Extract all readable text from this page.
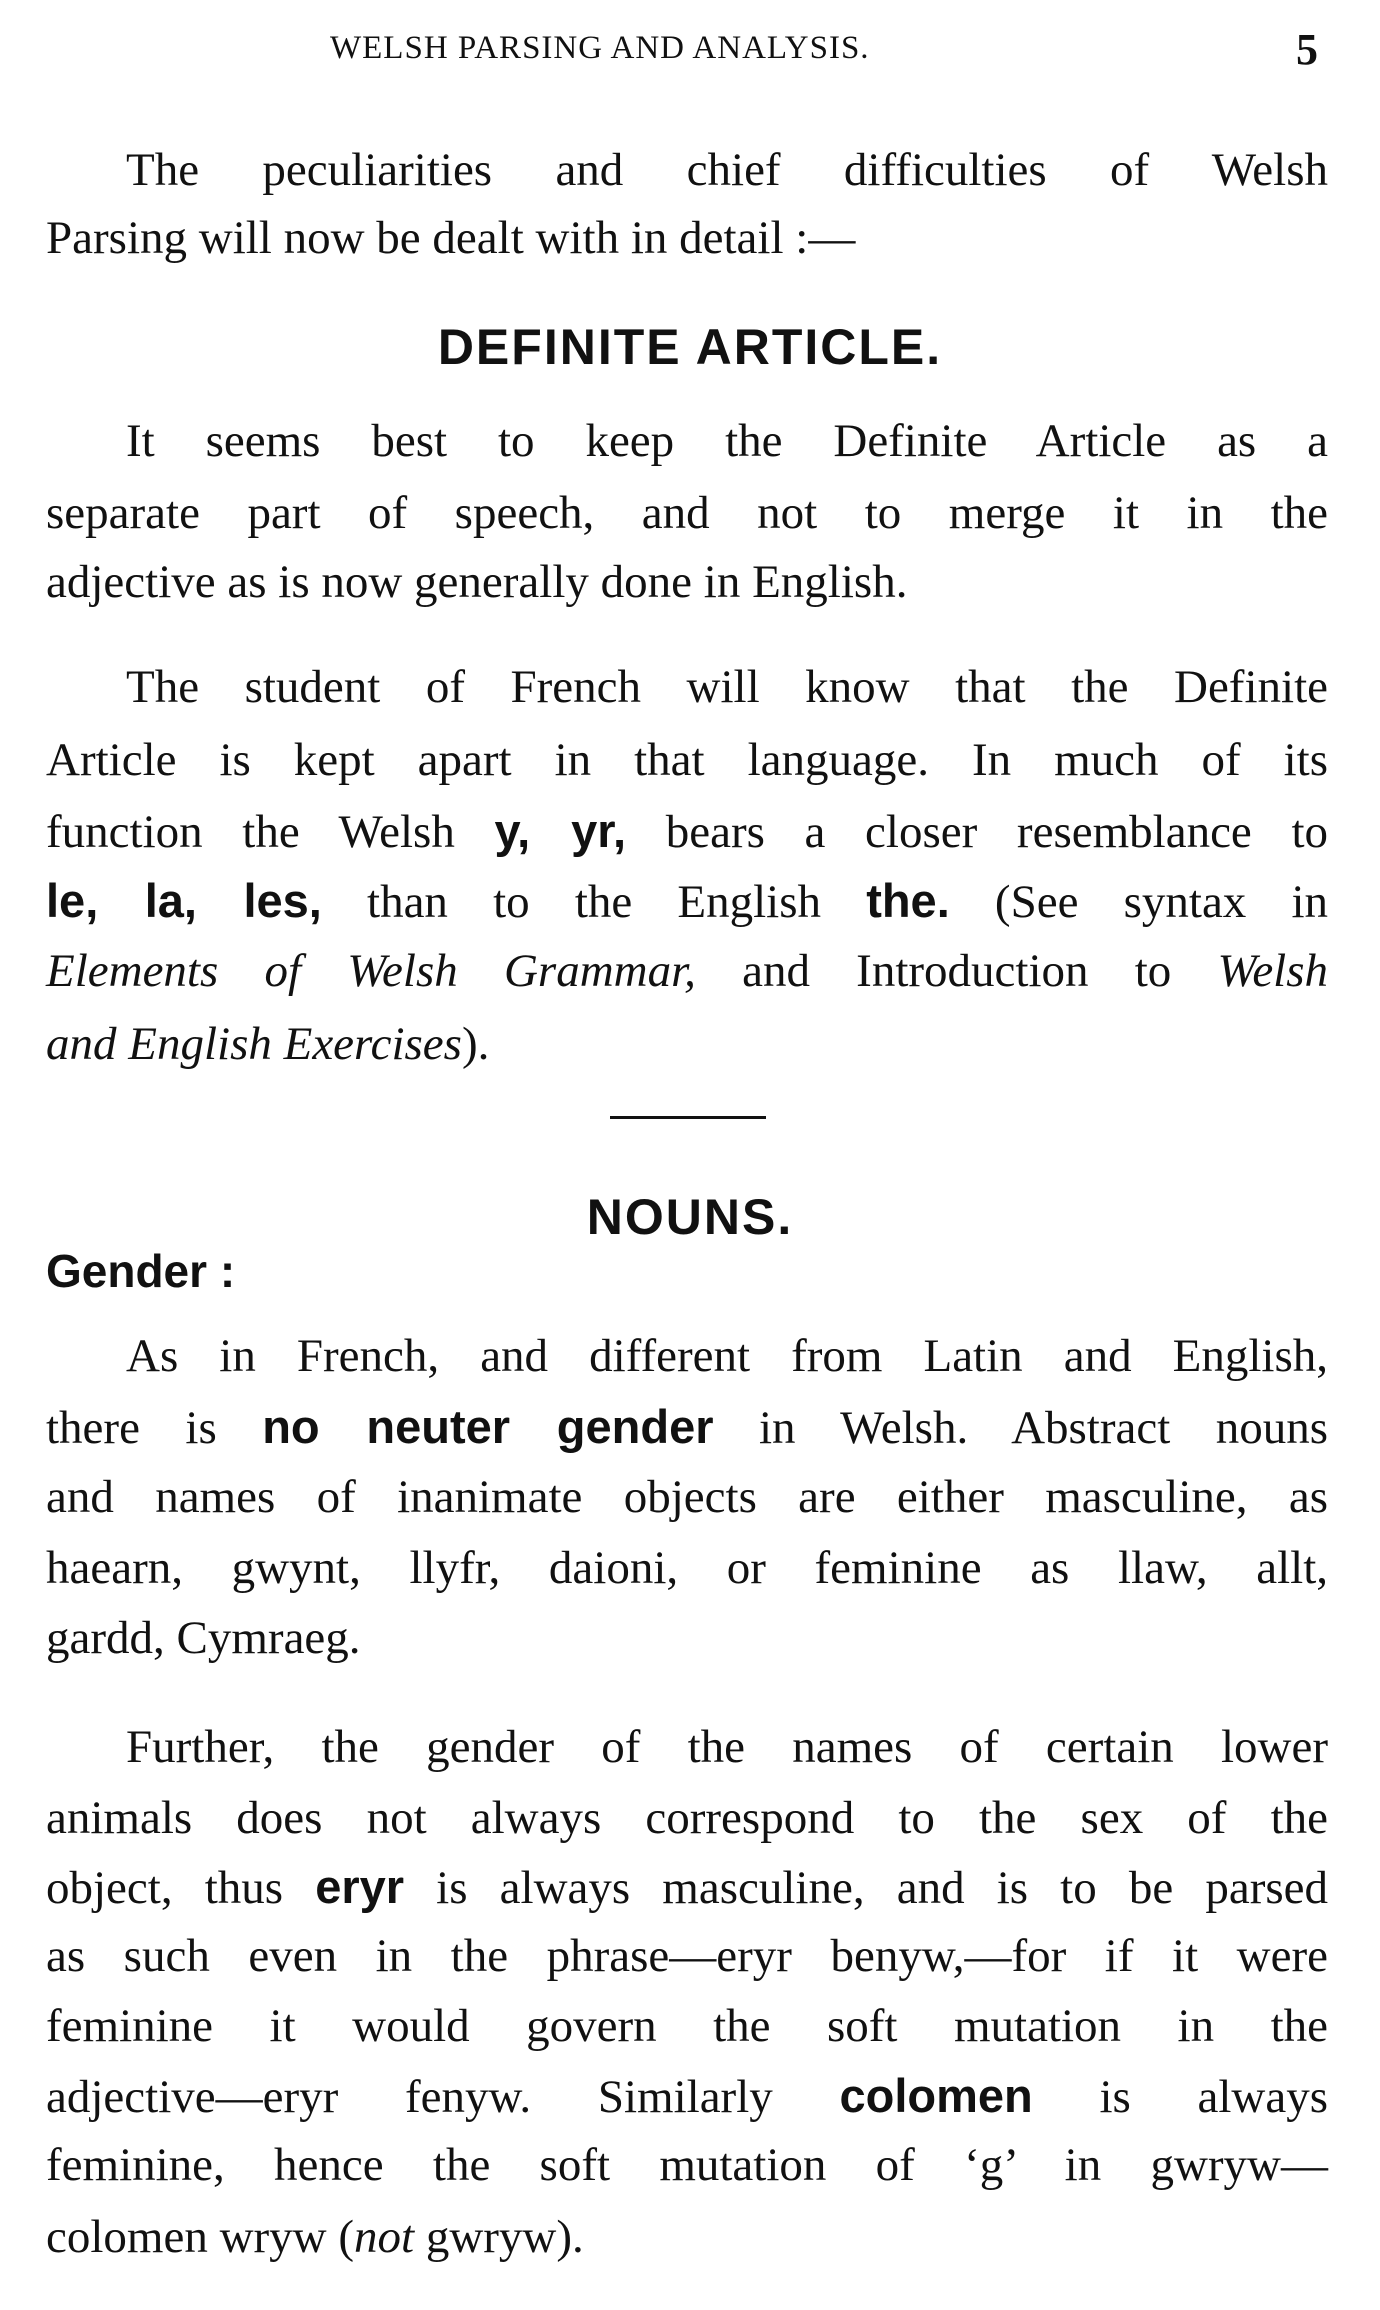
WELSH PARSING AND ANALYSIS.	5
The peculiarities and chief difficulties of Welsh
Parsing will now be dealt with in detail :—
DEFINITE ARTICLE.
It seems best to keep the Definite Article as a
separate part of speech, and not to merge it in the
adjective as is now generally done in English.
The student of French will know that the Definite
Article is kept apart in that language. In much of its
function the Welsh y, yr, bears a closer resemblance to
le, la, les, than to the English the. (See syntax in
Elements of Welsh Grammar, and Introduction to Welsh
and English Exercises).
NOUNS.
Gender :
As in French, and different from Latin and English,
there is no neuter gender in Welsh. Abstract nouns
and names of inanimate objects are either masculine, as
haearn, gwynt, llyfr, daioni, or feminine as llaw, allt,
gardd, Cymraeg.
Further, the gender of the names of certain lower
animals does not always correspond to the sex of the
object, thus eryr is always masculine, and is to be parsed
as such even in the phrase—eryr benyw,—for if it were
feminine it would govern the soft mutation in the
adjective—eryr fenyw. Similarly colomen is always
feminine, hence the soft mutation of ‘g’ in gwryw—
colomen wryw (not gwryw).
